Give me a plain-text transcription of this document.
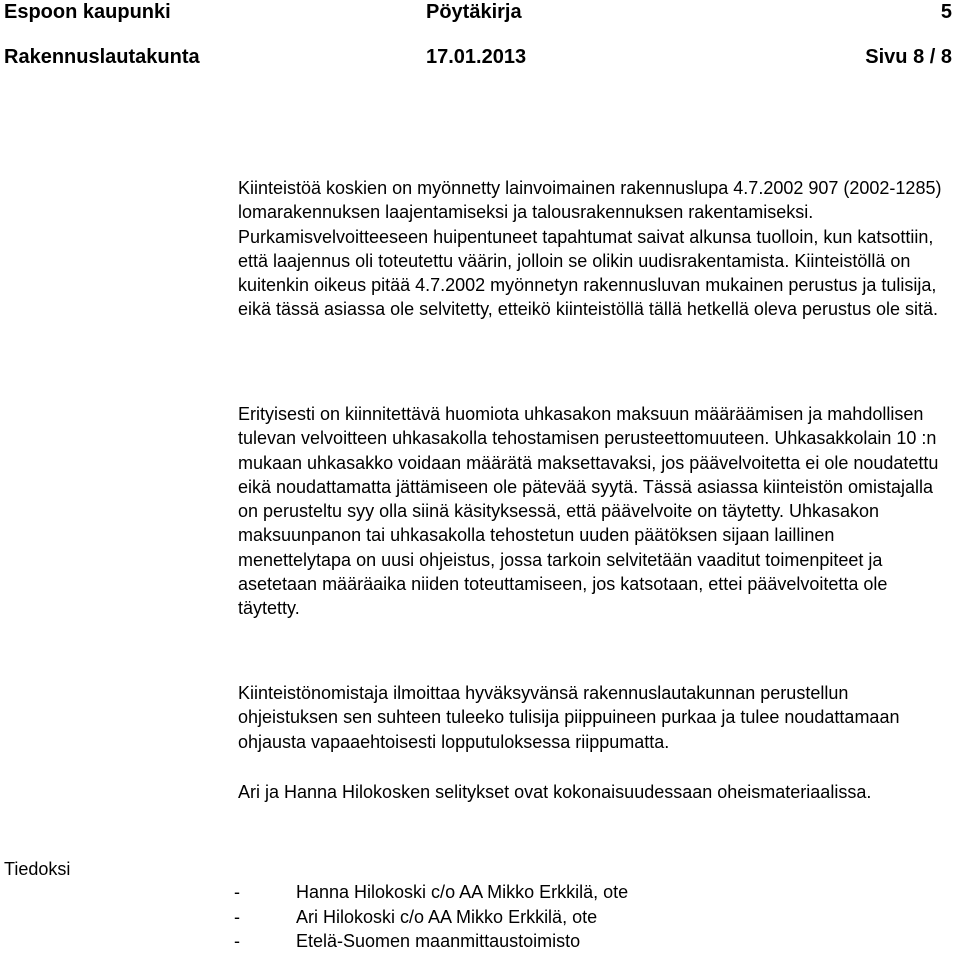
Espoon kaupunki	Pöytäkirja	5
Rakennuslautakunta	17.01.2013	Sivu 8 / 8

Kiinteistöä koskien on myönnetty lainvoimainen rakennuslupa 4.7.2002 907 (2002-1285) lomarakennuksen laajentamiseksi ja talousrakennuksen rakentamiseksi. Purkamisvelvoitteeseen huipentuneet tapahtumat saivat alkunsa tuolloin, kun katsottiin, että laajennus oli toteutettu väärin, jolloin se olikin uudisrakentamista. Kiinteistöllä on kuitenkin oikeus pitää 4.7.2002 myönnetyn rakennusluvan mukainen perustus ja tulisija, eikä tässä asiassa ole selvitetty, etteikö kiinteistöllä tällä hetkellä oleva perustus ole sitä.

Erityisesti on kiinnitettävä huomiota uhkasakon maksuun määräämisen ja mahdollisen tulevan velvoitteen uhkasakolla tehostamisen perusteettomuuteen. Uhkasakkolain 10 :n mukaan uhkasakko voidaan määrätä maksettavaksi, jos päävelvoitetta ei ole noudatettu eikä noudattamatta jättämiseen ole pätevää syytä. Tässä asiassa kiinteistön omistajalla on perusteltu syy olla siinä käsityksessä, että päävelvoite on täytetty. Uhkasakon maksuunpanon tai uhkasakolla tehostetun uuden päätöksen sijaan laillinen menettelytapa on uusi ohjeistus, jossa tarkoin selvitetään vaaditut toimenpiteet ja asetetaan määräaika niiden toteuttamiseen, jos katsotaan, ettei päävelvoitetta ole täytetty.

Kiinteistönomistaja ilmoittaa hyväksyvänsä rakennuslautakunnan perustellun ohjeistuksen sen suhteen tuleeko tulisija piippuineen purkaa ja tulee noudattamaan ohjausta vapaaehtoisesti lopputuloksessa riippumatta.

Ari ja Hanna Hilokosken selitykset ovat kokonaisuudessaan oheismateriaalissa.

Tiedoksi
-	Hanna Hilokoski c/o AA Mikko Erkkilä, ote
-	Ari Hilokoski c/o AA Mikko Erkkilä, ote
-	Etelä-Suomen maanmittaustoimisto
